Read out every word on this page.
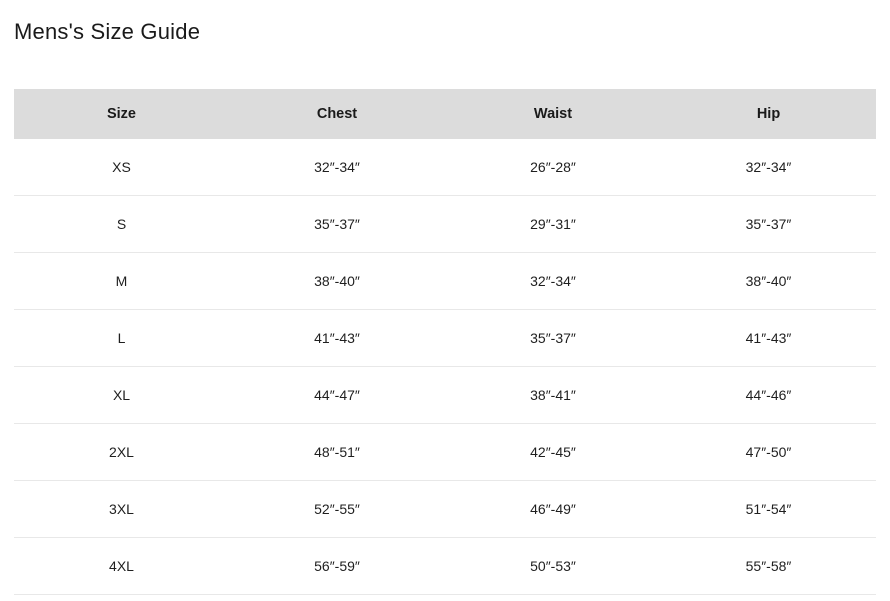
Mens's Size Guide
Size	Chest	Waist	Hip
XS	32″-34″	26″-28″	32″-34″
S	35″-37″	29″-31″	35″-37″
M	38″-40″	32″-34″	38″-40″
L	41″-43″	35″-37″	41″-43″
XL	44″-47″	38″-41″	44″-46″
2XL	48″-51″	42″-45″	47″-50″
3XL	52″-55″	46″-49″	51″-54″
4XL	56″-59″	50″-53″	55″-58″
